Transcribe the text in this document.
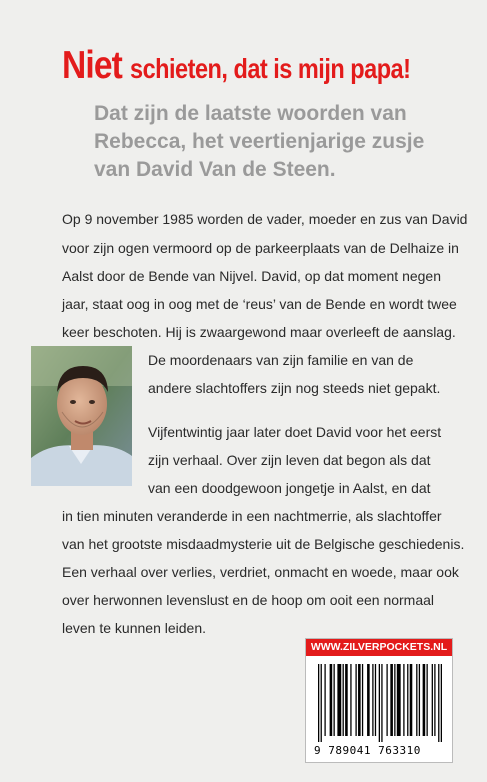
Niet schieten, dat is mijn papa!
Dat zijn de laatste woorden van
Rebecca, het veertienjarige zusje
van David Van de Steen.
Op 9 november 1985 worden de vader, moeder en zus van David
voor zijn ogen vermoord op de parkeerplaats van de Delhaize in
Aalst door de Bende van Nijvel. David, op dat moment negen
jaar, staat oog in oog met de ‘reus’ van de Bende en wordt twee
keer beschoten. Hij is zwaargewond maar overleeft de aanslag.
De moordenaars van zijn familie en van de
andere slachtoffers zijn nog steeds niet gepakt.
Vijfentwintig jaar later doet David voor het eerst
zijn verhaal. Over zijn leven dat begon als dat
van een doodgewoon jongetje in Aalst, en dat
in tien minuten veranderde in een nachtmerrie, als slachtoffer
van het grootste misdaadmysterie uit de Belgische geschiedenis.
Een verhaal over verlies, verdriet, onmacht en woede, maar ook
over herwonnen levenslust en de hoop om ooit een normaal
leven te kunnen leiden.
WWW.ZILVERPOCKETS.NL
9 789041 763310
